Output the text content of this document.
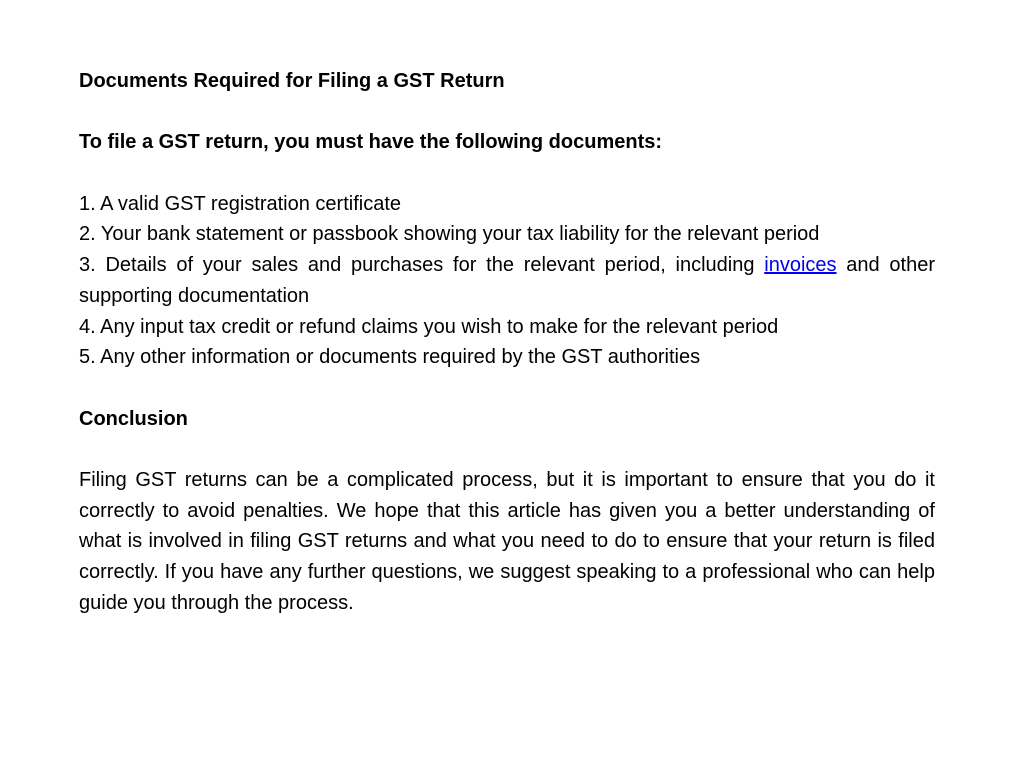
Documents Required for Filing a GST Return
To file a GST return, you must have the following documents:
1. A valid GST registration certificate
2. Your bank statement or passbook showing your tax liability for the relevant period
3. Details of your sales and purchases for the relevant period, including invoices and other supporting documentation
4. Any input tax credit or refund claims you wish to make for the relevant period
5. Any other information or documents required by the GST authorities
Conclusion
Filing GST returns can be a complicated process, but it is important to ensure that you do it correctly to avoid penalties. We hope that this article has given you a better understanding of what is involved in filing GST returns and what you need to do to ensure that your return is filed correctly. If you have any further questions, we suggest speaking to a professional who can help guide you through the process.
